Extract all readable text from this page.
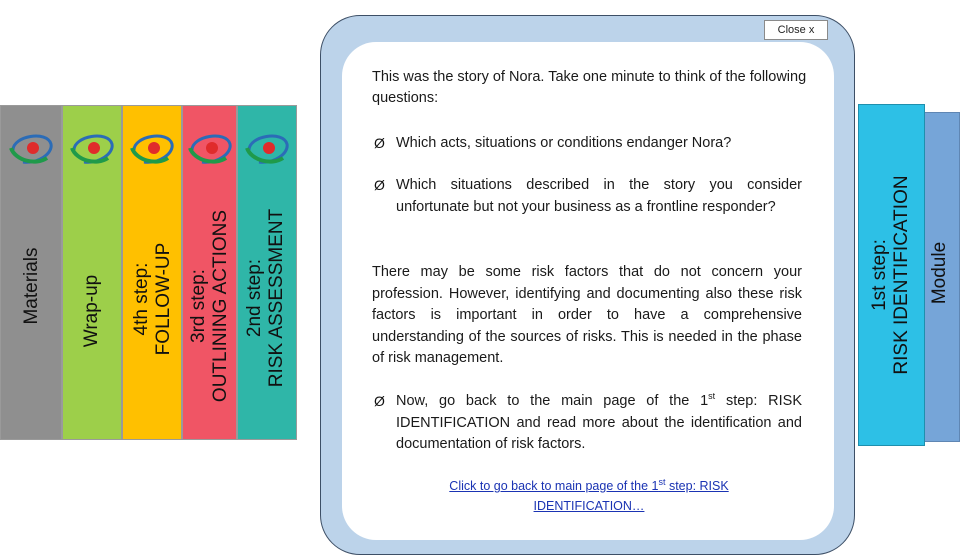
Module
1st step: RISK IDENTIFICATION
Materials Wrap-up 4th step: FOLLOW-UP 3rd step: OUTLINING ACTIONS 2nd step: RISK ASSESSMENT
Close x
This was the story of Nora. Take one minute to think of the following questions:
Ø Which acts, situations or conditions endanger Nora?
Ø Which situations described in the story you consider unfortunate but not your business as a frontline responder?
There may be some risk factors that do not concern your profession. However, identifying and documenting also these risk factors is important in order to have a comprehensive understanding of the sources of risks. This is needed in the phase of risk management.
Ø Now, go back to the main page of the 1st step: RISK IDENTIFICATION and read more about the identification and documentation of risk factors.
Click to go back to main page of the 1st step: RISK IDENTIFICATION…
